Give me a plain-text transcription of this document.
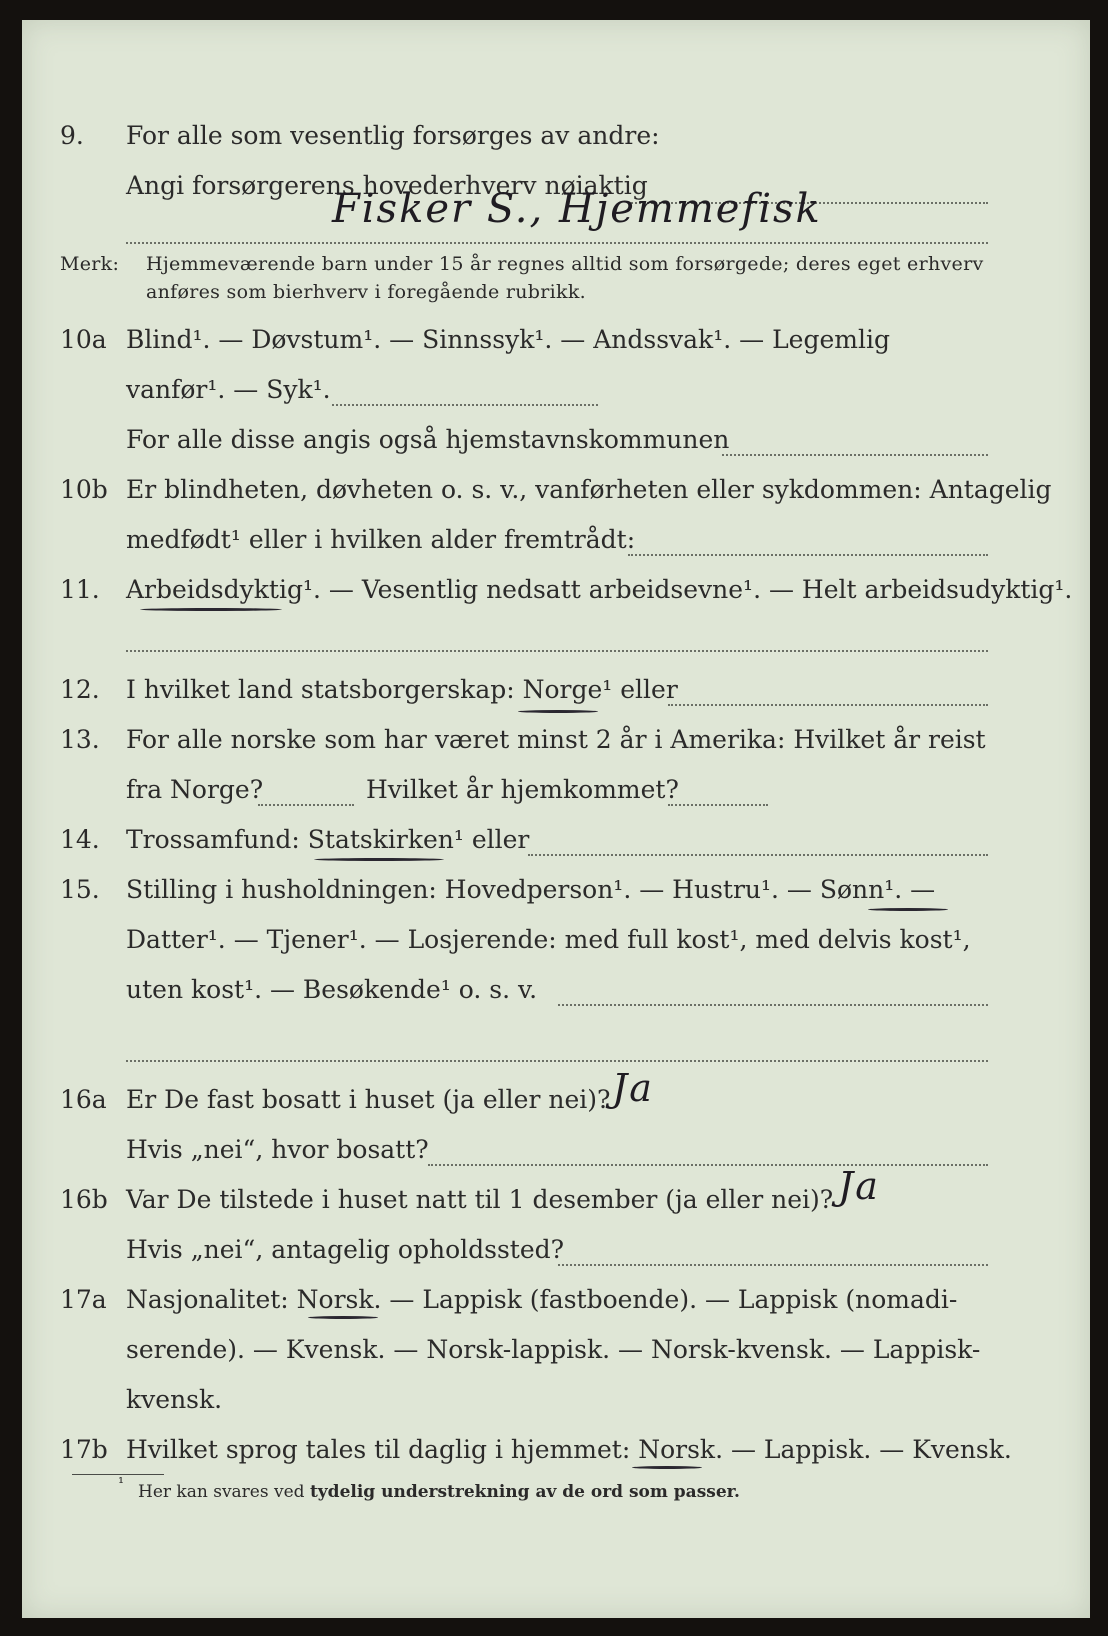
9. For alle som vesentlig forsørges av andre:
Angi forsørgerens hovederhverv nøiaktig
Fisker S., Hjemmefisk
Merk: Hjemmeværende barn under 15 år regnes alltid som forsørgede; deres eget erhverv
anføres som bierhverv i foregående rubrikk.
10a Blind¹. — Døvstum¹. — Sinnssyk¹. — Andssvak¹. — Legemlig
vanfør¹. — Syk¹.
For alle disse angis også hjemstavnskommunen
10b Er blindheten, døvheten o. s. v., vanførheten eller sykdommen: Antagelig
medfødt¹ eller i hvilken alder fremtrådt:
11. Arbeidsdyktig¹. — Vesentlig nedsatt arbeidsevne¹. — Helt arbeidsudyktig¹.
12. I hvilket land statsborgerskap: Norge¹ eller
13. For alle norske som har været minst 2 år i Amerika: Hvilket år reist
fra Norge?	Hvilket år hjemkommet?
14. Trossamfund: Statskirken¹ eller
15. Stilling i husholdningen: Hovedperson¹. — Hustru¹. — Sønn¹. —
Datter¹. — Tjener¹. — Losjerende: med full kost¹, med delvis kost¹,
uten kost¹. — Besøkende¹ o. s. v.
16a Er De fast bosatt i huset (ja eller nei)? Ja
Hvis „nei“, hvor bosatt?
16b Var De tilstede i huset natt til 1 desember (ja eller nei)? Ja
Hvis „nei“, antagelig opholdssted?
17a Nasjonalitet: Norsk. — Lappisk (fastboende). — Lappisk (nomadi-
serende). — Kvensk. — Norsk-lappisk. — Norsk-kvensk. — Lappisk-
kvensk.
17b Hvilket sprog tales til daglig i hjemmet: Norsk. — Lappisk. — Kvensk.
¹ Her kan svares ved tydelig understrekning av de ord som passer.
